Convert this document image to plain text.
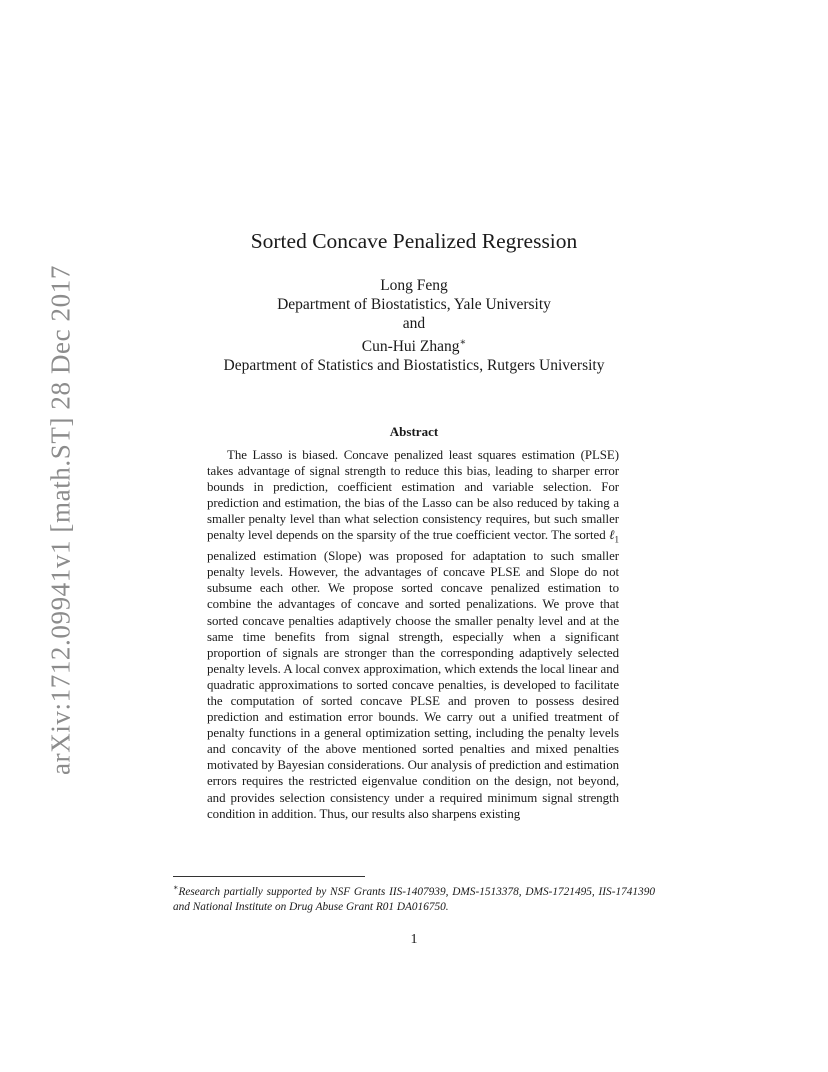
arXiv:1712.09941v1 [math.ST] 28 Dec 2017
Sorted Concave Penalized Regression
Long Feng
Department of Biostatistics, Yale University
and
Cun-Hui Zhang∗
Department of Statistics and Biostatistics, Rutgers University
Abstract

The Lasso is biased. Concave penalized least squares estimation (PLSE) takes advantage of signal strength to reduce this bias, leading to sharper error bounds in prediction, coefficient estimation and variable selection. For prediction and estimation, the bias of the Lasso can be also reduced by taking a smaller penalty level than what selection consistency requires, but such smaller penalty level depends on the sparsity of the true coefficient vector. The sorted ℓ$_1$ penalized estimation (Slope) was proposed for adaptation to such smaller penalty levels. However, the advantages of concave PLSE and Slope do not subsume each other. We propose sorted concave penalized estimation to combine the advantages of concave and sorted penalizations. We prove that sorted concave penalties adaptively choose the smaller penalty level and at the same time benefits from signal strength, especially when a significant proportion of signals are stronger than the corresponding adaptively selected penalty levels. A local convex approximation, which extends the local linear and quadratic approximations to sorted concave penalties, is developed to facilitate the computation of sorted concave PLSE and proven to possess desired prediction and estimation error bounds. We carry out a unified treatment of penalty functions in a general optimization setting, including the penalty levels and concavity of the above mentioned sorted penalties and mixed penalties motivated by Bayesian considerations. Our analysis of prediction and estimation errors requires the restricted eigenvalue condition on the design, not beyond, and provides selection consistency under a required minimum signal strength condition in addition. Thus, our results also sharpens existing

∗Research partially supported by NSF Grants IIS-1407939, DMS-1513378, DMS-1721495, IIS-1741390 and National Institute on Drug Abuse Grant R01 DA016750.

1
